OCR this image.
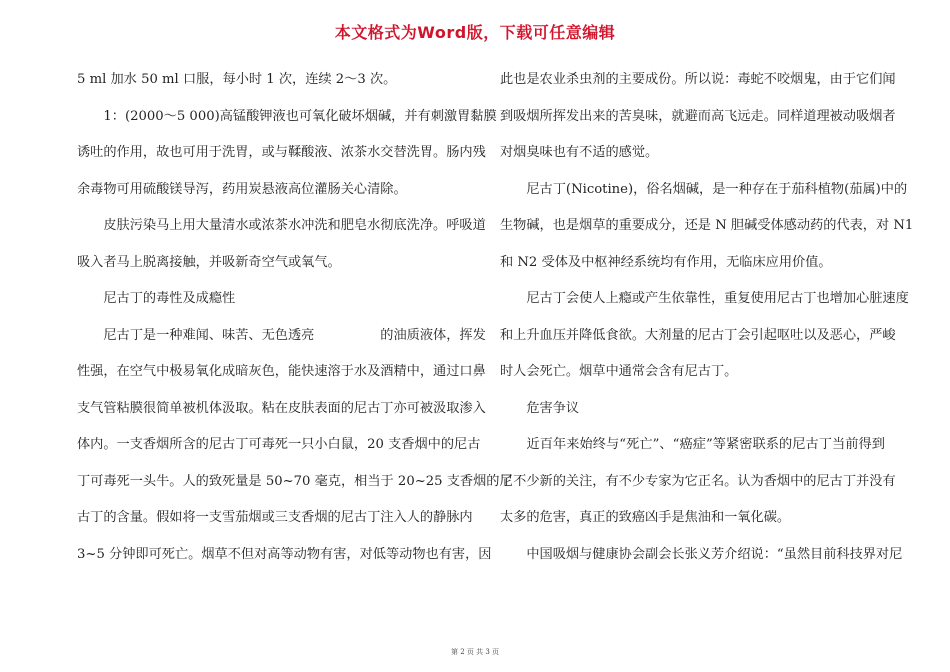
本文格式为Word版，下载可任意编辑
5 ml 加水 50 ml 口服，每小时 1 次，连续 2～3 次。
　　1：(2000～5 000)高锰酸钾液也可氧化破坏烟碱，并有刺激胃黏膜
诱吐的作用，故也可用于洗胃，或与鞣酸液、浓茶水交替洗胃。肠内残
余毒物可用硫酸镁导泻，药用炭悬液高位灌肠关心清除。
　　皮肤污染马上用大量清水或浓茶水冲洗和肥皂水彻底洗净。呼吸道
吸入者马上脱离接触，并吸新奇空气或氧气。
　　尼古丁的毒性及成瘾性
　　尼古丁是一种难闻、味苦、无色透亮　　　　　的油质液体，挥发
性强，在空气中极易氧化成暗灰色，能快速溶于水及酒精中，通过口鼻
支气管粘膜很简单被机体汲取。粘在皮肤表面的尼古丁亦可被汲取渗入
体内。一支香烟所含的尼古丁可毒死一只小白鼠，20 支香烟中的尼古
丁可毒死一头牛。人的致死量是 50~70 毫克，相当于 20~25 支香烟的尼
古丁的含量。假如将一支雪茄烟或三支香烟的尼古丁注入人的静脉内
3~5 分钟即可死亡。烟草不但对高等动物有害，对低等动物也有害，因
此也是农业杀虫剂的主要成份。所以说：毒蛇不咬烟鬼，由于它们闻
到吸烟所挥发出来的苦臭味，就避而高飞远走。同样道理被动吸烟者
对烟臭味也有不适的感觉。
　　尼古丁(Nicotine)，俗名烟碱，是一种存在于茄科植物(茄属)中的
生物碱，也是烟草的重要成分，还是 N 胆碱受体感动药的代表，对 N1
和 N2 受体及中枢神经系统均有作用，无临床应用价值。
　　尼古丁会使人上瘾或产生依靠性，重复使用尼古丁也增加心脏速度
和上升血压并降低食欲。大剂量的尼古丁会引起呕吐以及恶心，严峻
时人会死亡。烟草中通常会含有尼古丁。
　　危害争议
　　近百年来始终与“死亡”、“癌症”等紧密联系的尼古丁当前得到
了不少新的关注，有不少专家为它正名。认为香烟中的尼古丁并没有
太多的危害，真正的致癌凶手是焦油和一氧化碳。
　　中国吸烟与健康协会副会长张义芳介绍说：“虽然目前科技界对尼
第 2 页 共 3 页
